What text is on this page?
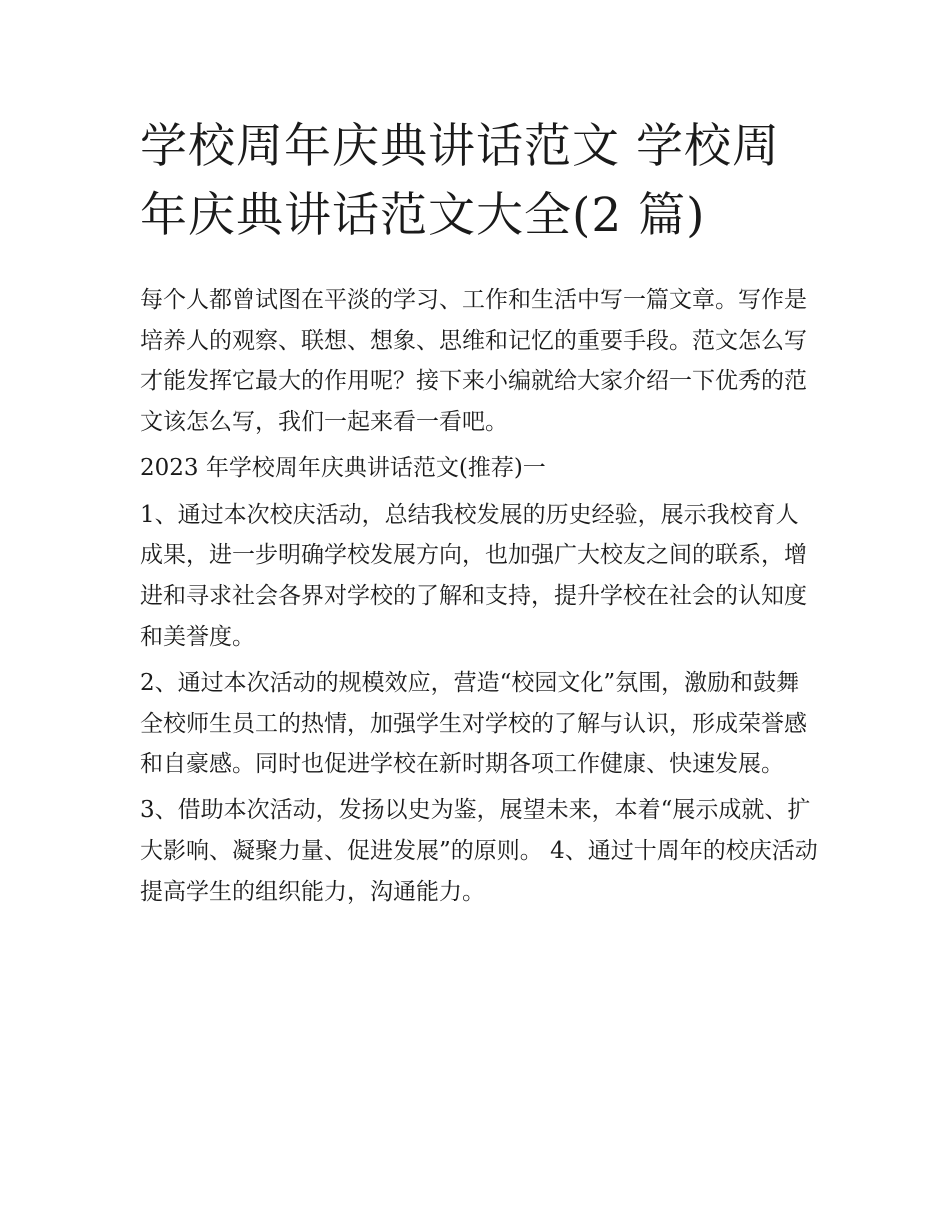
学校周年庆典讲话范文 学校周年庆典讲话范文大全(2 篇)

每个人都曾试图在平淡的学习、工作和生活中写一篇文章。写作是培养人的观察、联想、想象、思维和记忆的重要手段。范文怎么写才能发挥它最大的作用呢？接下来小编就给大家介绍一下优秀的范文该怎么写，我们一起来看一看吧。

2023 年学校周年庆典讲话范文(推荐)一

1、通过本次校庆活动，总结我校发展的历史经验，展示我校育人成果，进一步明确学校发展方向，也加强广大校友之间的联系，增进和寻求社会各界对学校的了解和支持，提升学校在社会的认知度和美誉度。

2、通过本次活动的规模效应，营造“校园文化”氛围，激励和鼓舞全校师生员工的热情，加强学生对学校的了解与认识，形成荣誉感和自豪感。同时也促进学校在新时期各项工作健康、快速发展。

3、借助本次活动，发扬以史为鉴，展望未来，本着“展示成就、扩大影响、凝聚力量、促进发展”的原则。 4、通过十周年的校庆活动提高学生的组织能力，沟通能力。
